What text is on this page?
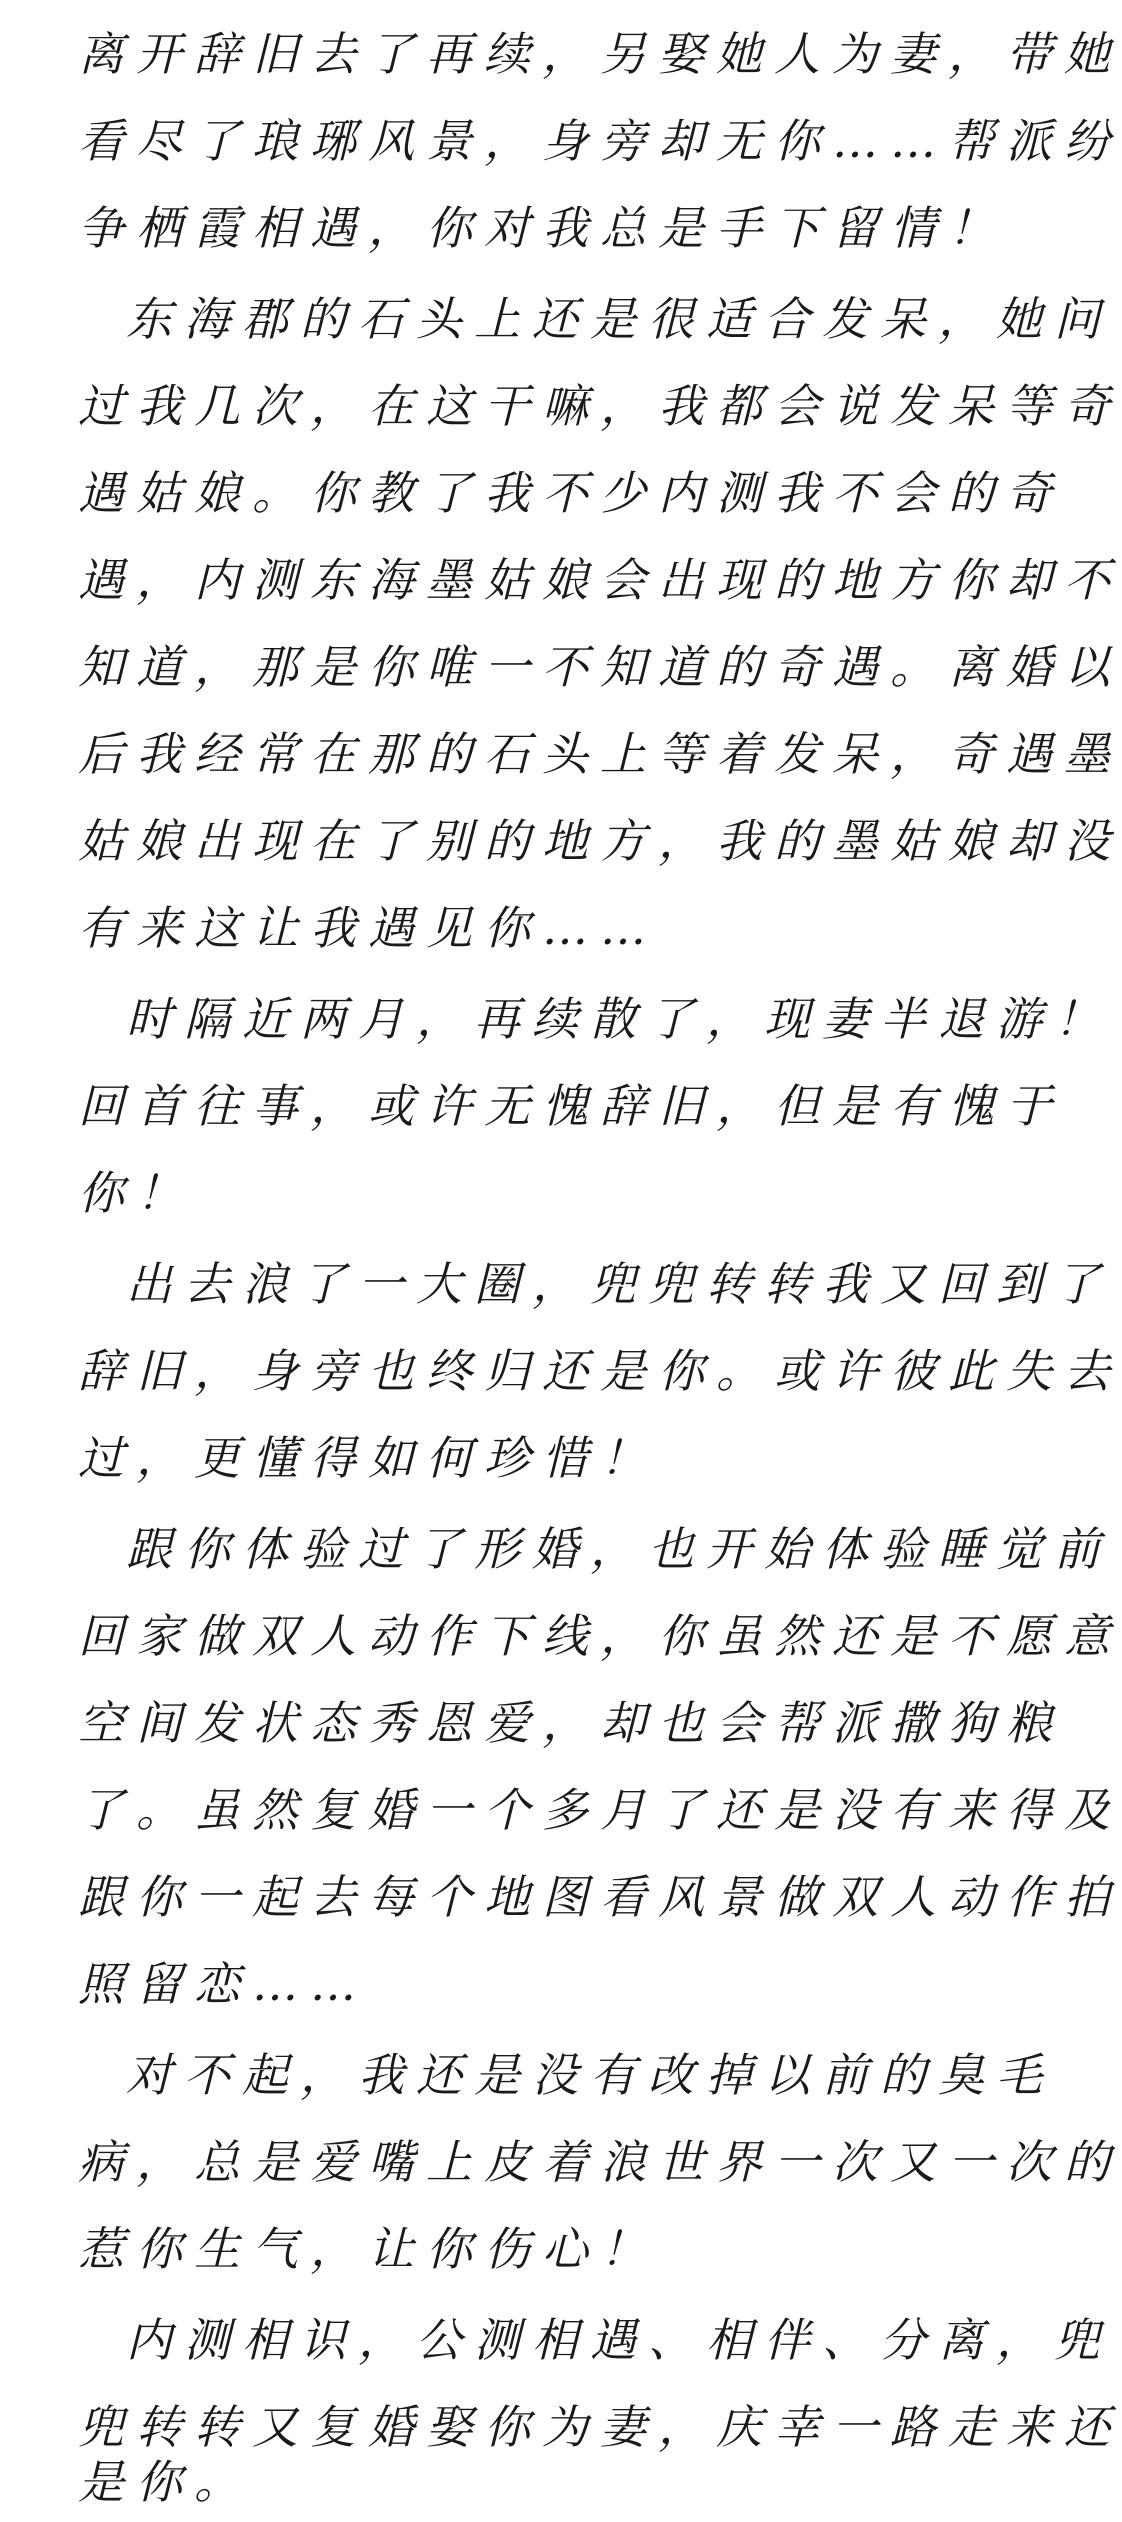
离开辞旧去了再续，另娶她人为妻，带她
看尽了琅琊风景，身旁却无你……帮派纷
争栖霞相遇，你对我总是手下留情！
东海郡的石头上还是很适合发呆，她问
过我几次，在这干嘛，我都会说发呆等奇
遇姑娘。你教了我不少内测我不会的奇
遇，内测东海墨姑娘会出现的地方你却不
知道，那是你唯一不知道的奇遇。离婚以
后我经常在那的石头上等着发呆，奇遇墨
姑娘出现在了别的地方，我的墨姑娘却没
有来这让我遇见你……
时隔近两月，再续散了，现妻半退游！
回首往事，或许无愧辞旧，但是有愧于
你！
出去浪了一大圈，兜兜转转我又回到了
辞旧，身旁也终归还是你。或许彼此失去
过，更懂得如何珍惜！
跟你体验过了形婚，也开始体验睡觉前
回家做双人动作下线，你虽然还是不愿意
空间发状态秀恩爱，却也会帮派撒狗粮
了。虽然复婚一个多月了还是没有来得及
跟你一起去每个地图看风景做双人动作拍
照留恋……
对不起，我还是没有改掉以前的臭毛
病，总是爱嘴上皮着浪世界一次又一次的
惹你生气，让你伤心！
内测相识，公测相遇、相伴、分离，兜
兜转转又复婚娶你为妻，庆幸一路走来还
是你。
